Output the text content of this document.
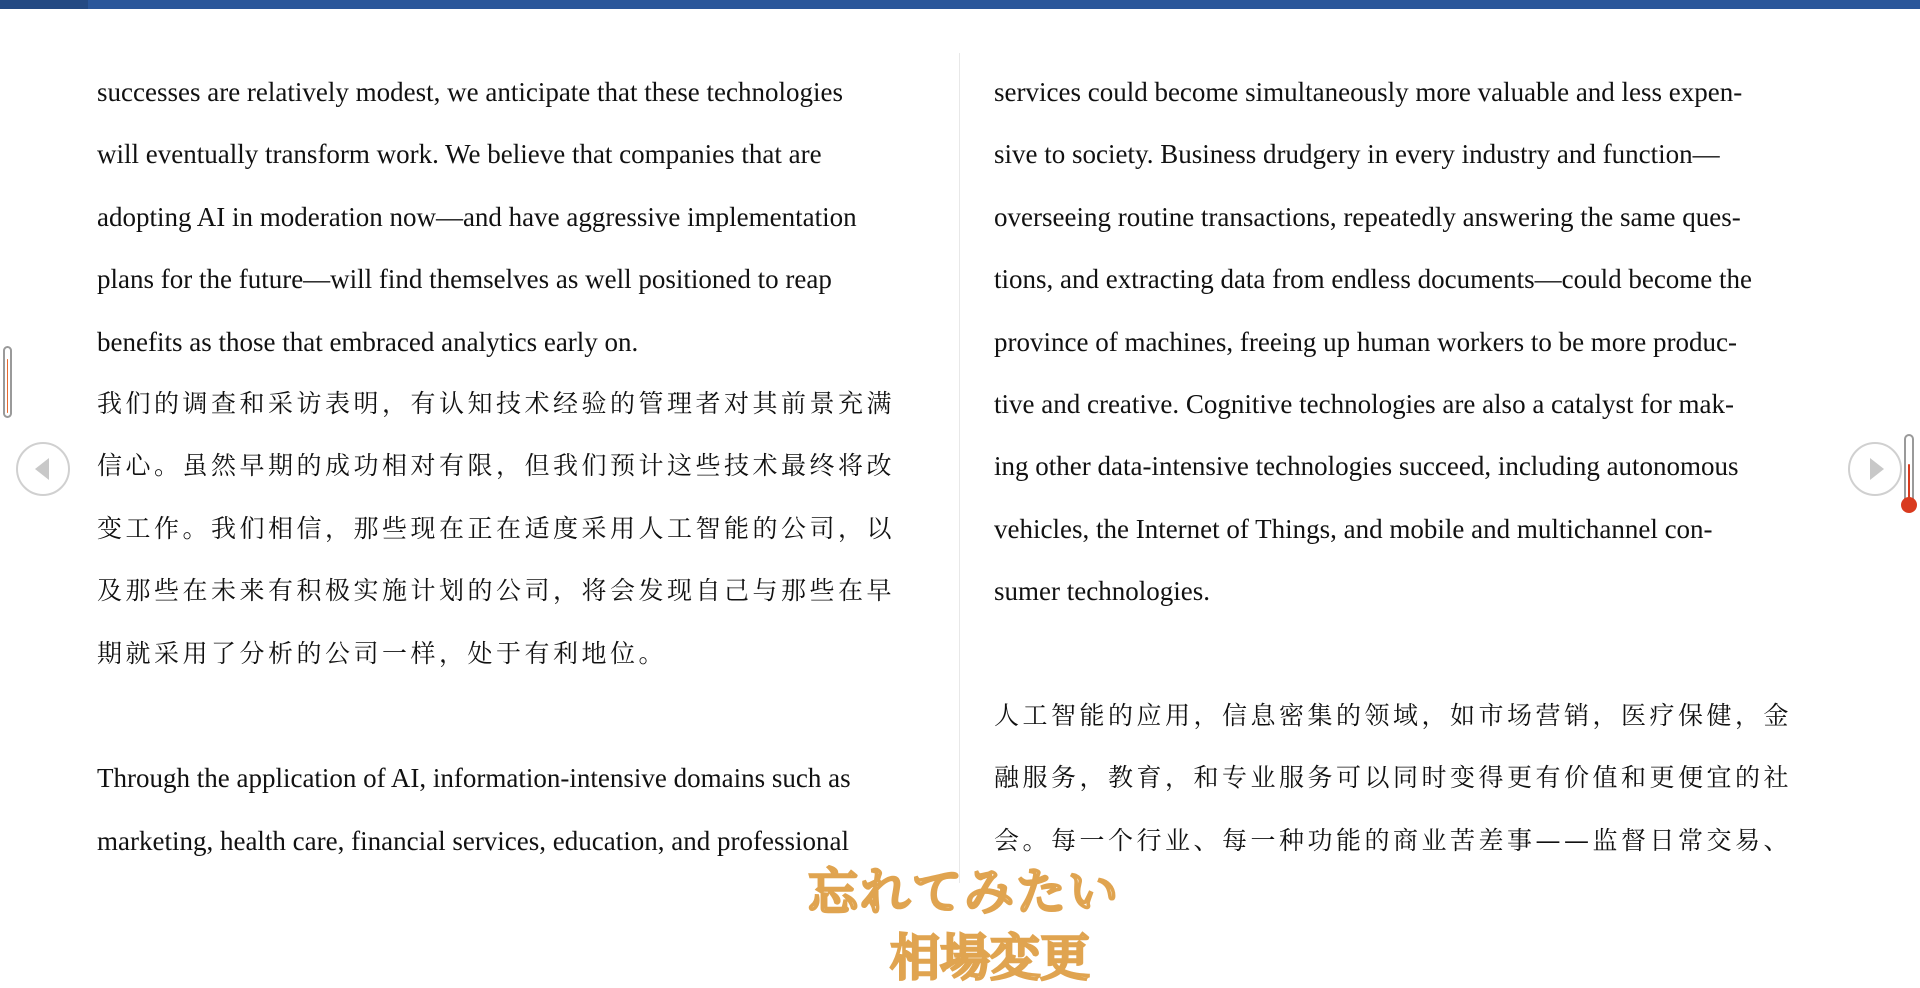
successes are relatively modest, we anticipate that these technologies
will eventually transform work. We believe that companies that are
adopting AI in moderation now—and have aggressive implementation
plans for the future—will find themselves as well positioned to reap
benefits as those that embraced analytics early on.

我们的调查和采访表明，有认知技术经验的管理者对其前景充满
信心。虽然早期的成功相对有限，但我们预计这些技术最终将改
变工作。我们相信，那些现在正在适度采用人工智能的公司，以
及那些在未来有积极实施计划的公司，将会发现自己与那些在早
期就采用了分析的公司一样，处于有利地位。

Through the application of AI, information-intensive domains such as
marketing, health care, financial services, education, and professional

services could become simultaneously more valuable and less expen-
sive to society. Business drudgery in every industry and function—
overseeing routine transactions, repeatedly answering the same ques-
tions, and extracting data from endless documents—could become the
province of machines, freeing up human workers to be more produc-
tive and creative. Cognitive technologies are also a catalyst for mak-
ing other data-intensive technologies succeed, including autonomous
vehicles, the Internet of Things, and mobile and multichannel con-
sumer technologies.

人工智能的应用，信息密集的领域，如市场营销，医疗保健，金
融服务，教育，和专业服务可以同时变得更有价值和更便宜的社
会。每一个行业、每一种功能的商业苦差事——监督日常交易、

忘れてみたい
相場変更
